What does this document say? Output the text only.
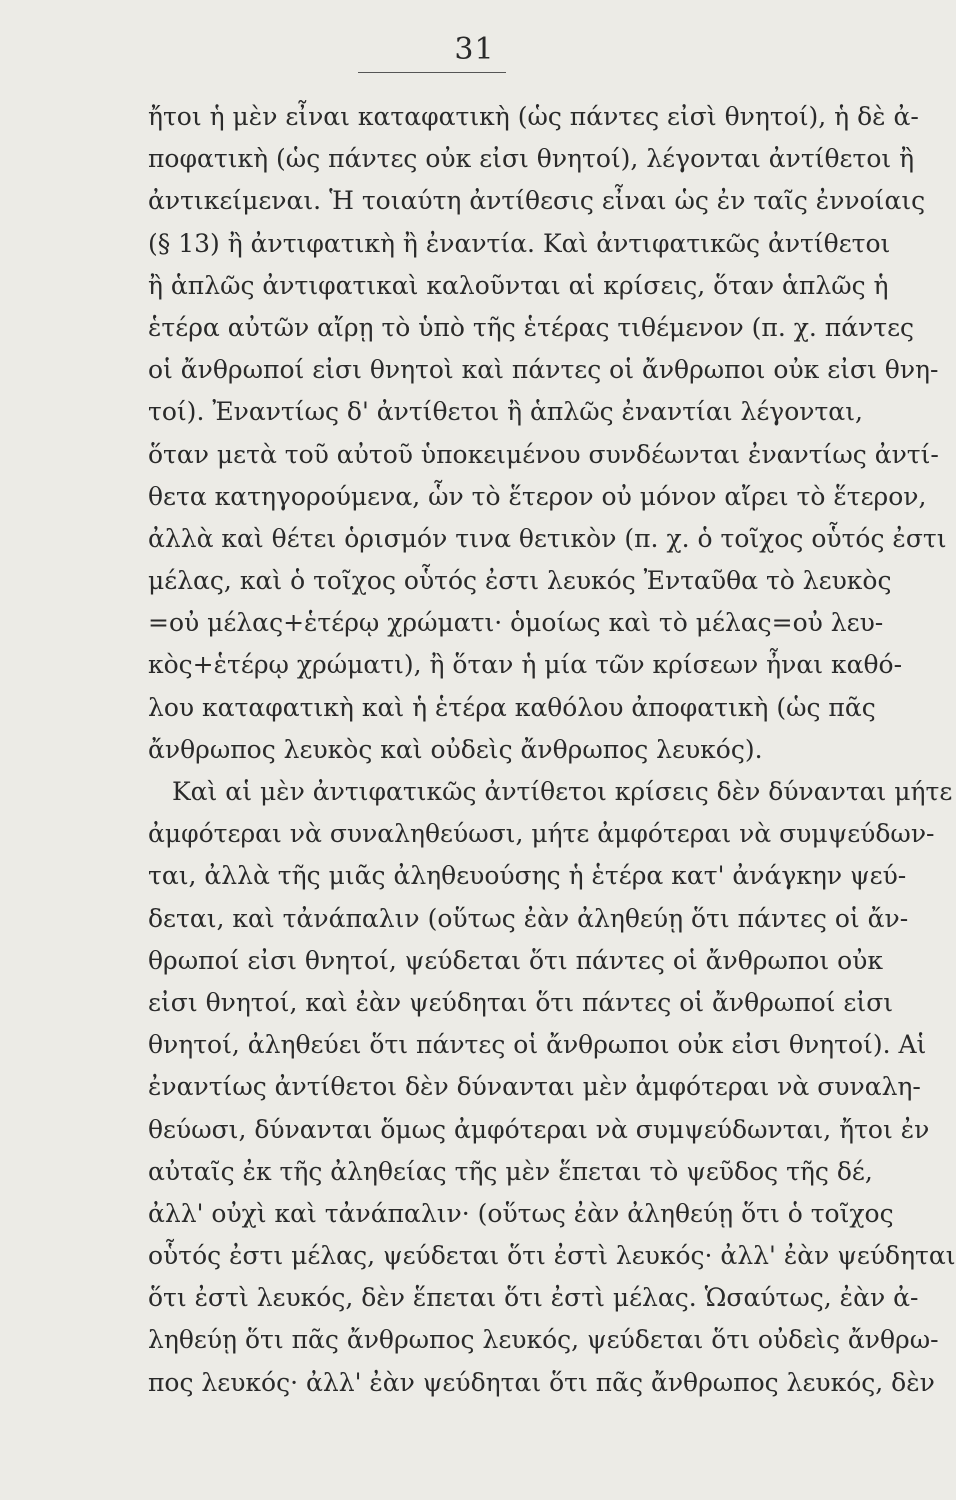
31
ἤτοι ἡ μὲν εἶναι καταφατικὴ (ὡς πάντες εἰσὶ θνητοί), ἡ δὲ ἀ-
ποφατικὴ (ὡς πάντες οὐκ εἰσι θνητοί), λέγονται ἀντίθετοι ἢ
ἀντικείμεναι. Ἡ τοιαύτη ἀντίθεσις εἶναι ὡς ἐν ταῖς ἐννοίαις
(§ 13) ἢ ἀντιφατικὴ ἢ ἐναντία. Καὶ ἀντιφατικῶς ἀντίθετοι
ἢ ἁπλῶς ἀντιφατικαὶ καλοῦνται αἱ κρίσεις, ὅταν ἁπλῶς ἡ
ἑτέρα αὐτῶν αἴρῃ τὸ ὑπὸ τῆς ἑτέρας τιθέμενον (π. χ. πάντες
οἱ ἄνθρωποί εἰσι θνητοὶ καὶ πάντες οἱ ἄνθρωποι οὐκ εἰσι θνη-
τοί). Ἐναντίως δ' ἀντίθετοι ἢ ἁπλῶς ἐναντίαι λέγονται,
ὅταν μετὰ τοῦ αὐτοῦ ὑποκειμένου συνδέωνται ἐναντίως ἀντί-
θετα κατηγορούμενα, ὧν τὸ ἕτερον οὐ μόνον αἴρει τὸ ἕτερον,
ἀλλὰ καὶ θέτει ὁρισμόν τινα θετικὸν (π. χ. ὁ τοῖχος οὗτός ἐστι
μέλας, καὶ ὁ τοῖχος οὗτός ἐστι λευκός Ἐνταῦθα τὸ λευκὸς
=οὐ μέλας+ἑτέρῳ χρώματι· ὁμοίως καὶ τὸ μέλας=οὐ λευ-
κὸς+ἑτέρῳ χρώματι), ἢ ὅταν ἡ μία τῶν κρίσεων ἦναι καθό-
λου καταφατικὴ καὶ ἡ ἑτέρα καθόλου ἀποφατικὴ (ὡς πᾶς
ἄνθρωπος λευκὸς καὶ οὐδεὶς ἄνθρωπος λευκός).
Καὶ αἱ μὲν ἀντιφατικῶς ἀντίθετοι κρίσεις δὲν δύνανται μήτε
ἀμφότεραι νὰ συναληθεύωσι, μήτε ἀμφότεραι νὰ συμψεύδων-
ται, ἀλλὰ τῆς μιᾶς ἀληθευούσης ἡ ἑτέρα κατ' ἀνάγκην ψεύ-
δεται, καὶ τἀνάπαλιν (οὕτως ἐὰν ἀληθεύῃ ὅτι πάντες οἱ ἄν-
θρωποί εἰσι θνητοί, ψεύδεται ὅτι πάντες οἱ ἄνθρωποι οὐκ
εἰσι θνητοί, καὶ ἐὰν ψεύδηται ὅτι πάντες οἱ ἄνθρωποί εἰσι
θνητοί, ἀληθεύει ὅτι πάντες οἱ ἄνθρωποι οὐκ εἰσι θνητοί). Αἱ
ἐναντίως ἀντίθετοι δὲν δύνανται μὲν ἀμφότεραι νὰ συναλη-
θεύωσι, δύνανται ὅμως ἀμφότεραι νὰ συμψεύδωνται, ἤτοι ἐν
αὐταῖς ἐκ τῆς ἀληθείας τῆς μὲν ἕπεται τὸ ψεῦδος τῆς δέ,
ἀλλ' οὐχὶ καὶ τἀνάπαλιν· (οὕτως ἐὰν ἀληθεύῃ ὅτι ὁ τοῖχος
οὗτός ἐστι μέλας, ψεύδεται ὅτι ἐστὶ λευκός· ἀλλ' ἐὰν ψεύδηται
ὅτι ἐστὶ λευκός, δὲν ἕπεται ὅτι ἐστὶ μέλας. Ὡσαύτως, ἐὰν ἀ-
ληθεύῃ ὅτι πᾶς ἄνθρωπος λευκός, ψεύδεται ὅτι οὐδεὶς ἄνθρω-
πος λευκός· ἀλλ' ἐὰν ψεύδηται ὅτι πᾶς ἄνθρωπος λευκός, δὲν
